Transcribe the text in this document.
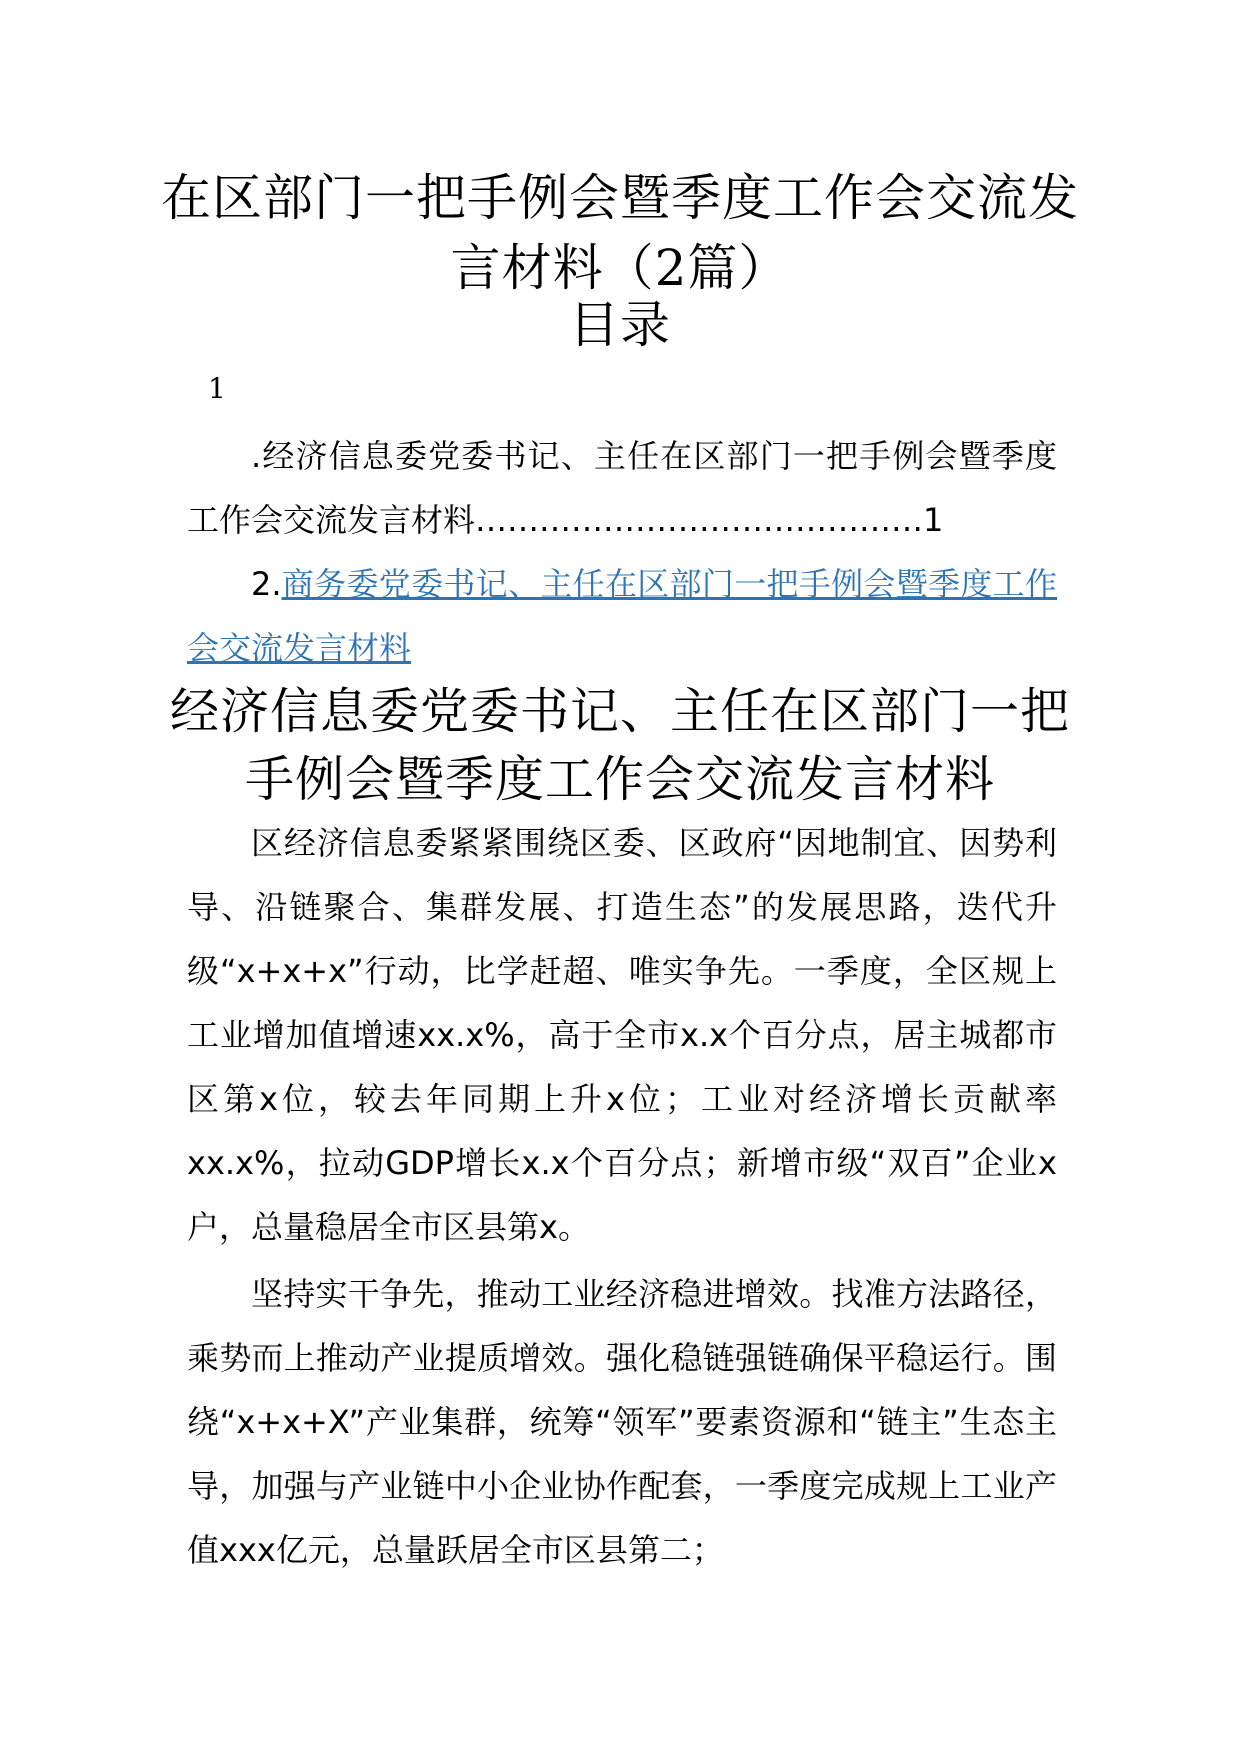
在区部门一把手例会暨季度工作会交流发
言材料（2篇）
目录
1
.经济信息委党委书记、主任在区部门一把手例会暨季度工作会交流发言材料……………………………………1
2.商务委党委书记、主任在区部门一把手例会暨季度工作会交流发言材料
经济信息委党委书记、主任在区部门一把
手例会暨季度工作会交流发言材料

区经济信息委紧紧围绕区委、区政府“因地制宜、因势利导、沿链聚合、集群发展、打造生态”的发展思路，迭代升级“x+x+x”行动，比学赶超、唯实争先。一季度，全区规上工业增加值增速xx.x%，高于全市x.x个百分点，居主城都市区第x位，较去年同期上升x位；工业对经济增长贡献率xx.x%，拉动GDP增长x.x个百分点；新增市级“双百”企业x户，总量稳居全市区县第x。

坚持实干争先，推动工业经济稳进增效。找准方法路径，乘势而上推动产业提质增效。强化稳链强链确保平稳运行。围绕“x+x+X”产业集群，统筹“领军”要素资源和“链主”生态主导，加强与产业链中小企业协作配套，一季度完成规上工业产值xxx亿元，总量跃居全市区县第二；
